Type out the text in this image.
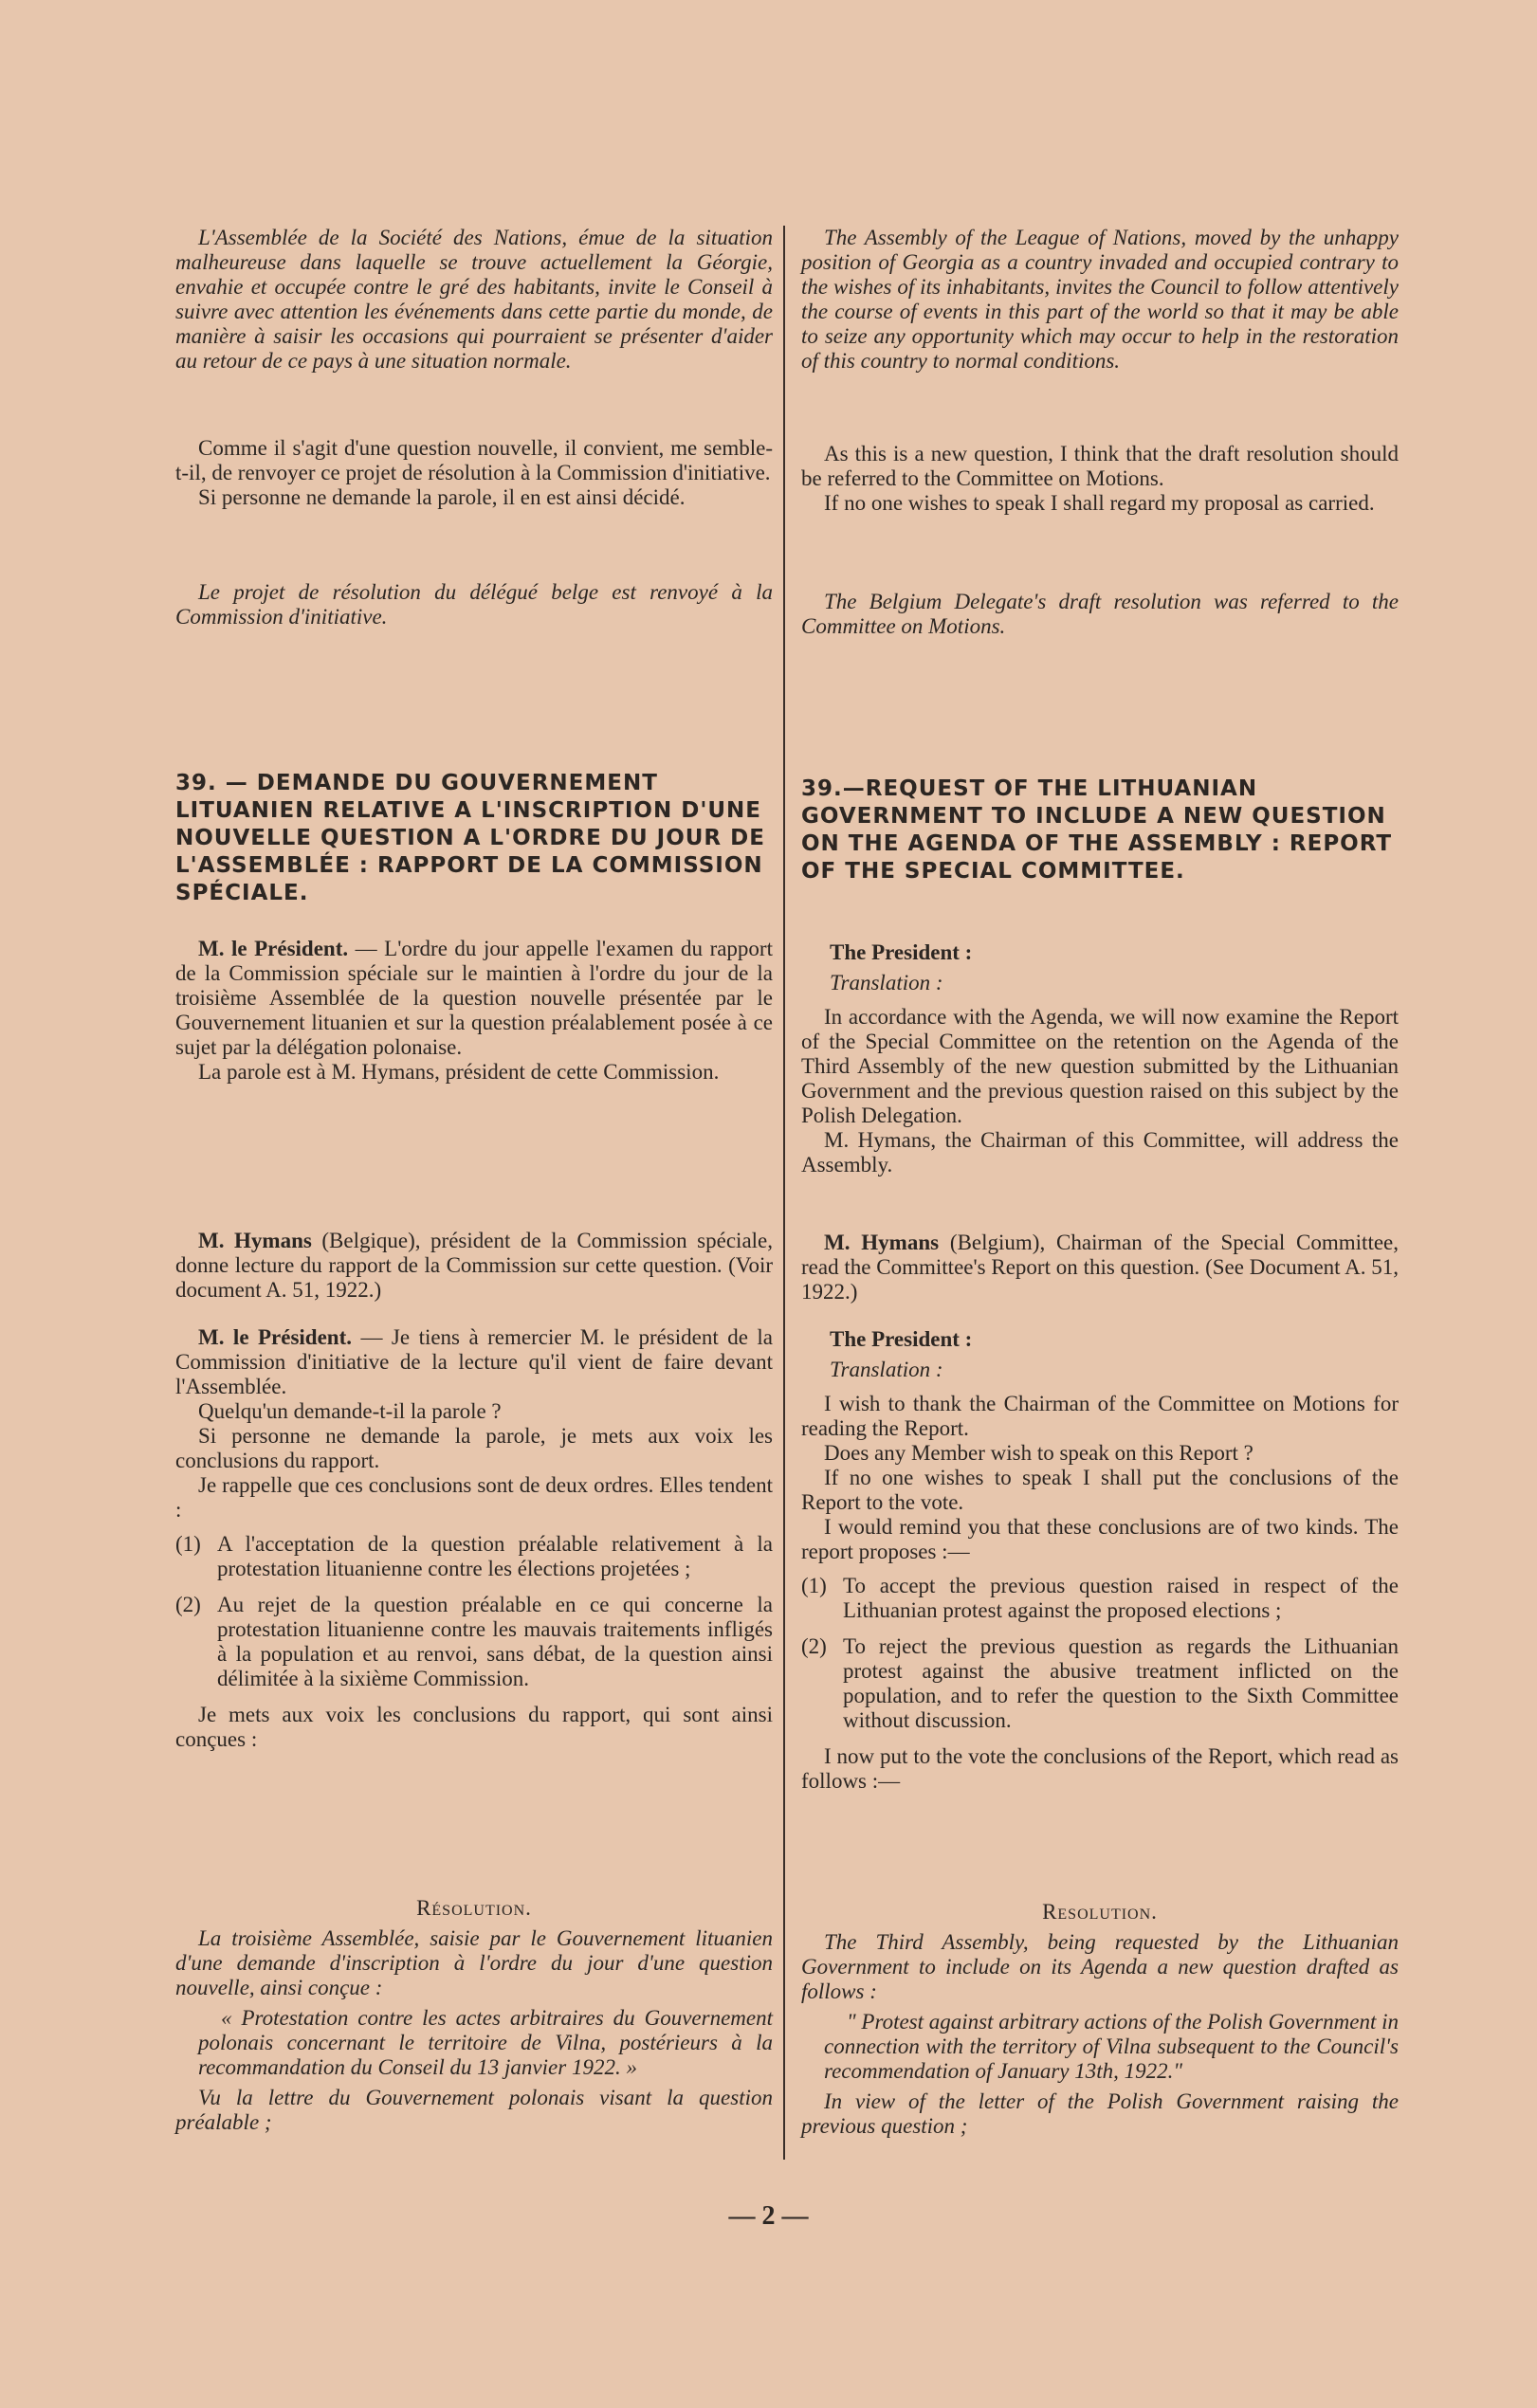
L'Assemblée de la Société des Nations, émue de la situation malheureuse dans laquelle se trouve actuellement la Géorgie, envahie et occupée contre le gré des habitants, invite le Conseil à suivre avec attention les événements dans cette partie du monde, de manière à saisir les occasions qui pourraient se présenter d'aider au retour de ce pays à une situation normale.

Comme il s'agit d'une question nouvelle, il convient, me semble-t-il, de renvoyer ce projet de résolution à la Commission d'initiative.

Si personne ne demande la parole, il en est ainsi décidé.

Le projet de résolution du délégué belge est renvoyé à la Commission d'initiative.

39. — DEMANDE DU GOUVERNEMENT LITUANIEN RELATIVE A L'INSCRIPTION D'UNE NOUVELLE QUESTION A L'ORDRE DU JOUR DE L'ASSEMBLÉE : RAPPORT DE LA COMMISSION SPÉCIALE.

M. le Président. — L'ordre du jour appelle l'examen du rapport de la Commission spéciale sur le maintien à l'ordre du jour de la troisième Assemblée de la question nouvelle présentée par le Gouvernement lituanien et sur la question préalablement posée à ce sujet par la délégation polonaise.

La parole est à M. Hymans, président de cette Commission.

M. Hymans (Belgique), président de la Commission spéciale, donne lecture du rapport de la Commission sur cette question. (Voir document A. 51, 1922.)

M. le Président. — Je tiens à remercier M. le président de la Commission d'initiative de la lecture qu'il vient de faire devant l'Assemblée.

Quelqu'un demande-t-il la parole ?

Si personne ne demande la parole, je mets aux voix les conclusions du rapport.

Je rappelle que ces conclusions sont de deux ordres. Elles tendent :

(1) A l'acceptation de la question préalable relativement à la protestation lituanienne contre les élections projetées ;
(2) Au rejet de la question préalable en ce qui concerne la protestation lituanienne contre les mauvais traitements infligés à la population et au renvoi, sans débat, de la question ainsi délimitée à la sixième Commission.

Je mets aux voix les conclusions du rapport, qui sont ainsi conçues :

Résolution.

La troisième Assemblée, saisie par le Gouvernement lituanien d'une demande d'inscription à l'ordre du jour d'une question nouvelle, ainsi conçue :

« Protestation contre les actes arbitraires du Gouvernement polonais concernant le territoire de Vilna, postérieurs à la recommandation du Conseil du 13 janvier 1922. »

Vu la lettre du Gouvernement polonais visant la question préalable ;

The Assembly of the League of Nations, moved by the unhappy position of Georgia as a country invaded and occupied contrary to the wishes of its inhabitants, invites the Council to follow attentively the course of events in this part of the world so that it may be able to seize any opportunity which may occur to help in the restoration of this country to normal conditions.

As this is a new question, I think that the draft resolution should be referred to the Committee on Motions.

If no one wishes to speak I shall regard my proposal as carried.

The Belgium Delegate's draft resolution was referred to the Committee on Motions.

39.—REQUEST OF THE LITHUANIAN GOVERNMENT TO INCLUDE A NEW QUESTION ON THE AGENDA OF THE ASSEMBLY : REPORT OF THE SPECIAL COMMITTEE.

The President :

Translation :

In accordance with the Agenda, we will now examine the Report of the Special Committee on the retention on the Agenda of the Third Assembly of the new question submitted by the Lithuanian Government and the previous question raised on this subject by the Polish Delegation.

M. Hymans, the Chairman of this Committee, will address the Assembly.

M. Hymans (Belgium), Chairman of the Special Committee, read the Committee's Report on this question. (See Document A. 51, 1922.)

The President :

Translation :

I wish to thank the Chairman of the Committee on Motions for reading the Report.

Does any Member wish to speak on this Report ?

If no one wishes to speak I shall put the conclusions of the Report to the vote.

I would remind you that these conclusions are of two kinds. The report proposes :—

(1) To accept the previous question raised in respect of the Lithuanian protest against the proposed elections ;
(2) To reject the previous question as regards the Lithuanian protest against the abusive treatment inflicted on the population, and to refer the question to the Sixth Committee without discussion.

I now put to the vote the conclusions of the Report, which read as follows :—

Resolution.

The Third Assembly, being requested by the Lithuanian Government to include on its Agenda a new question drafted as follows :

" Protest against arbitrary actions of the Polish Government in connection with the territory of Vilna subsequent to the Council's recommendation of January 13th, 1922."

In view of the letter of the Polish Government raising the previous question ;

— 2 —
